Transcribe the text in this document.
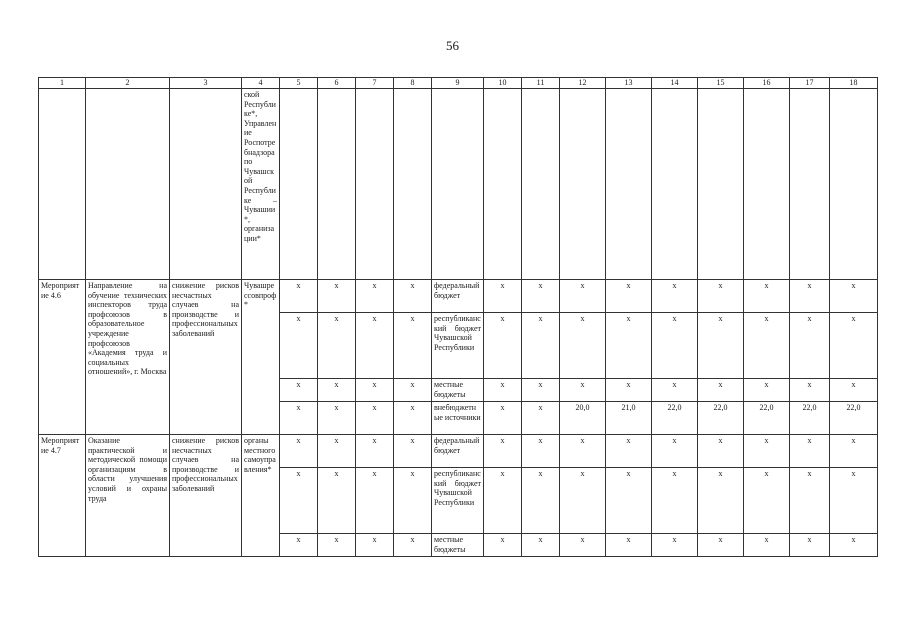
56
1	2	3	4	5	6	7	8	9	10	11	12	13	14	15	16	17	18
			ской Республике*, Управление Роспотребнадзора по Чувашской Республике – Чувашии*, организации*														
Мероприятие 4.6	Направление на обучение технических инспекторов труда профсоюзов в образовательное учреждение профсоюзов «Академия труда и социальных отношений», г. Москва	снижение рисков несчастных случаев на производстве и профессиональных заболеваний	Чувашрессовпроф*	x	x	x	x	федеральный бюджет	x	x	x	x	x	x	x	x	x
				x	x	x	x	республиканский бюджет Чувашской Республики	x	x	x	x	x	x	x	x	x
				x	x	x	x	местные бюджеты	x	x	x	x	x	x	x	x	x
				x	x	x	x	внебюджетные источники	x	x	20,0	21,0	22,0	22,0	22,0	22,0	22,0
Мероприятие 4.7	Оказание практической и методической помощи организациям в области улучшения условий и охраны труда	снижение рисков несчастных случаев на производстве и профессиональных заболеваний	органы местного самоуправления*	x	x	x	x	федеральный бюджет	x	x	x	x	x	x	x	x	x
				x	x	x	x	республиканский бюджет Чувашской Республики	x	x	x	x	x	x	x	x	x
				x	x	x	x	местные бюджеты	x	x	x	x	x	x	x	x	x
